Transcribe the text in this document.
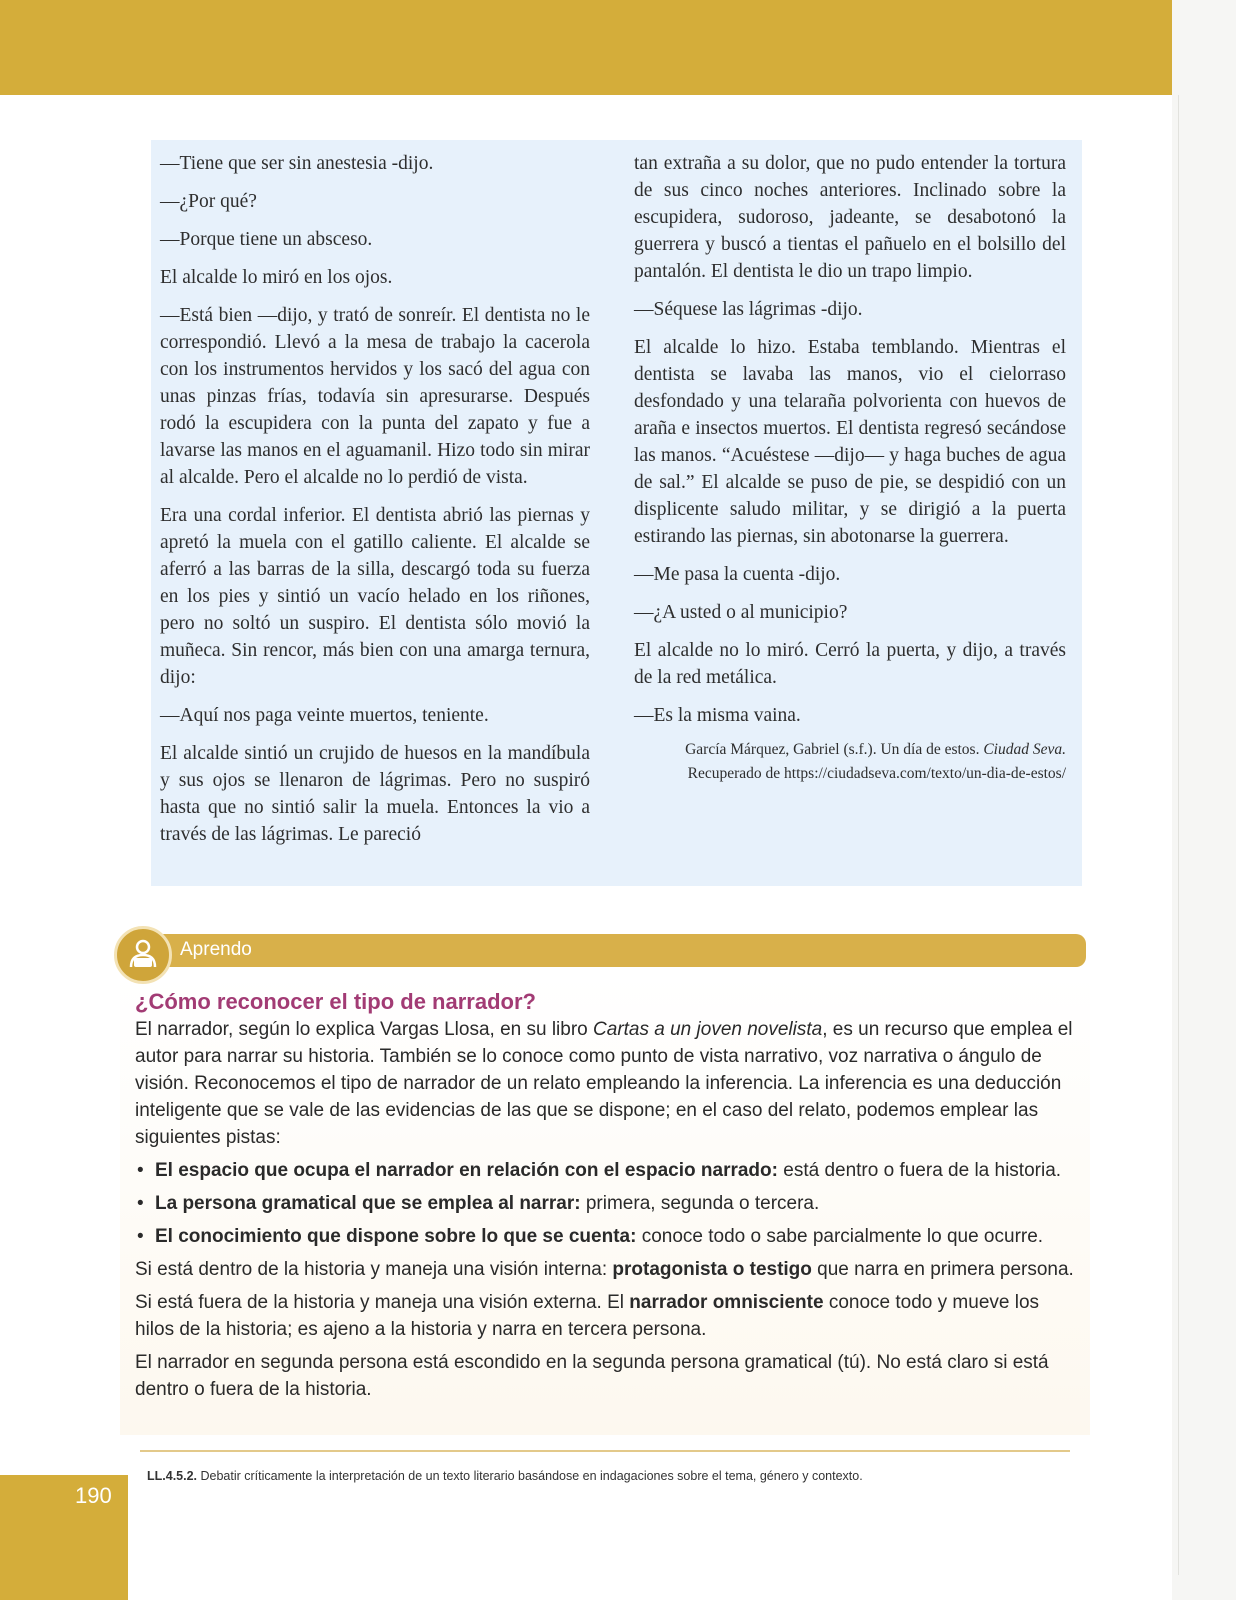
—Tiene que ser sin anestesia -dijo.

—¿Por qué?

—Porque tiene un absceso.

El alcalde lo miró en los ojos.

—Está bien —dijo, y trató de sonreír. El dentista no le correspondió. Llevó a la mesa de trabajo la cacerola con los instrumentos hervidos y los sacó del agua con unas pinzas frías, todavía sin apresurarse. Después rodó la escupidera con la punta del zapato y fue a lavarse las manos en el aguamanil. Hizo todo sin mirar al alcalde. Pero el alcalde no lo perdió de vista.

Era una cordal inferior. El dentista abrió las piernas y apretó la muela con el gatillo caliente. El alcalde se aferró a las barras de la silla, descargó toda su fuerza en los pies y sintió un vacío helado en los riñones, pero no soltó un suspiro. El dentista sólo movió la muñeca. Sin rencor, más bien con una amarga ternura, dijo:

—Aquí nos paga veinte muertos, teniente.

El alcalde sintió un crujido de huesos en la mandíbula y sus ojos se llenaron de lágrimas. Pero no suspiró hasta que no sintió salir la muela. Entonces la vio a través de las lágrimas. Le pareció

tan extraña a su dolor, que no pudo entender la tortura de sus cinco noches anteriores. Inclinado sobre la escupidera, sudoroso, jadeante, se desabotonó la guerrera y buscó a tientas el pañuelo en el bolsillo del pantalón. El dentista le dio un trapo limpio.

—Séquese las lágrimas -dijo.

El alcalde lo hizo. Estaba temblando. Mientras el dentista se lavaba las manos, vio el cielorraso desfondado y una telaraña polvorienta con huevos de araña e insectos muertos. El dentista regresó secándose las manos. “Acuéstese —dijo— y haga buches de agua de sal.” El alcalde se puso de pie, se despidió con un displicente saludo militar, y se dirigió a la puerta estirando las piernas, sin abotonarse la guerrera.

—Me pasa la cuenta -dijo.

—¿A usted o al municipio?

El alcalde no lo miró. Cerró la puerta, y dijo, a través de la red metálica.

—Es la misma vaina.

García Márquez, Gabriel (s.f.). Un día de estos. Ciudad Seva. Recuperado de https://ciudadseva.com/texto/un-dia-de-estos/
Aprendo
¿Cómo reconocer el tipo de narrador?

El narrador, según lo explica Vargas Llosa, en su libro Cartas a un joven novelista, es un recurso que emplea el autor para narrar su historia. También se lo conoce como punto de vista narrativo, voz narrativa o ángulo de visión. Reconocemos el tipo de narrador de un relato empleando la inferencia. La inferencia es una deducción inteligente que se vale de las evidencias de las que se dispone; en el caso del relato, podemos emplear las siguientes pistas:

• El espacio que ocupa el narrador en relación con el espacio narrado: está dentro o fuera de la historia.
• La persona gramatical que se emplea al narrar: primera, segunda o tercera.
• El conocimiento que dispone sobre lo que se cuenta: conoce todo o sabe parcialmente lo que ocurre.

Si está dentro de la historia y maneja una visión interna: protagonista o testigo que narra en primera persona.

Si está fuera de la historia y maneja una visión externa. El narrador omnisciente conoce todo y mueve los hilos de la historia; es ajeno a la historia y narra en tercera persona.

El narrador en segunda persona está escondido en la segunda persona gramatical (tú). No está claro si está dentro o fuera de la historia.

LL.4.5.2. Debatir críticamente la interpretación de un texto literario basándose en indagaciones sobre el tema, género y contexto.
190
